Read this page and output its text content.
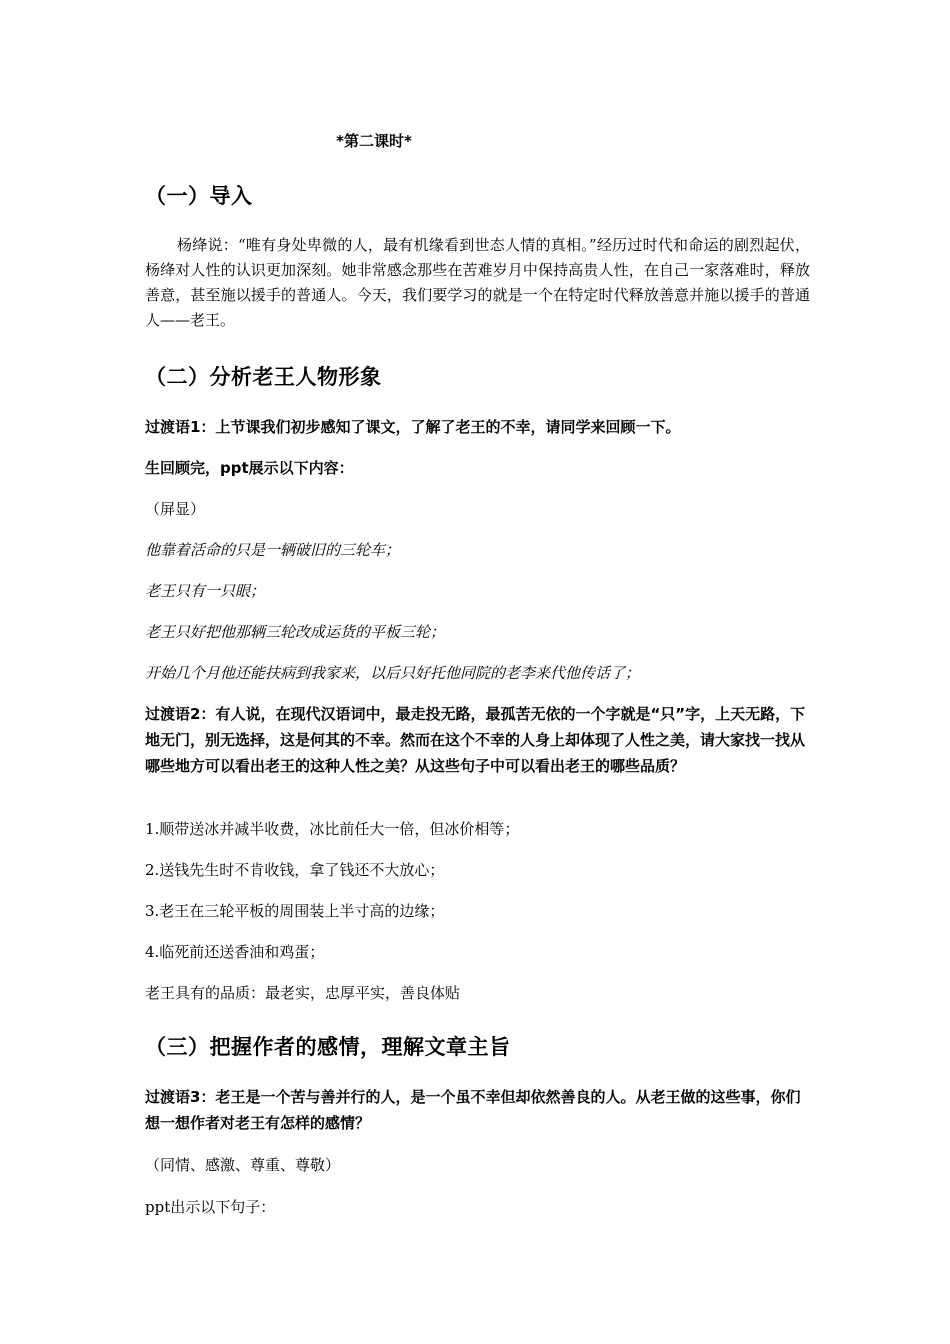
*第二课时*
（一）导入
杨绛说：“唯有身处卑微的人，最有机缘看到世态人情的真相。”经历过时代和命运的剧烈起伏，杨绛对人性的认识更加深刻。她非常感念那些在苦难岁月中保持高贵人性，在自己一家落难时，释放善意，甚至施以援手的普通人。今天，我们要学习的就是一个在特定时代释放善意并施以援手的普通人——老王。
（二）分析老王人物形象
过渡语1：上节课我们初步感知了课文，了解了老王的不幸，请同学来回顾一下。
生回顾完，ppt展示以下内容：
（屏显）
他靠着活命的只是一辆破旧的三轮车；
老王只有一只眼；
老王只好把他那辆三轮改成运货的平板三轮；
开始几个月他还能扶病到我家来，以后只好托他同院的老李来代他传话了；
过渡语2：有人说，在现代汉语词中，最走投无路，最孤苦无依的一个字就是“只”字，上天无路，下地无门，别无选择，这是何其的不幸。然而在这个不幸的人身上却体现了人性之美，请大家找一找从哪些地方可以看出老王的这种人性之美？从这些句子中可以看出老王的哪些品质？
1.顺带送冰并减半收费，冰比前任大一倍，但冰价相等；
2.送钱先生时不肯收钱，拿了钱还不大放心；
3.老王在三轮平板的周围装上半寸高的边缘；
4.临死前还送香油和鸡蛋；
老王具有的品质：最老实，忠厚平实，善良体贴
（三）把握作者的感情，理解文章主旨
过渡语3：老王是一个苦与善并行的人，是一个虽不幸但却依然善良的人。从老王做的这些事，你们想一想作者对老王有怎样的感情？
（同情、感激、尊重、尊敬）
ppt出示以下句子：
